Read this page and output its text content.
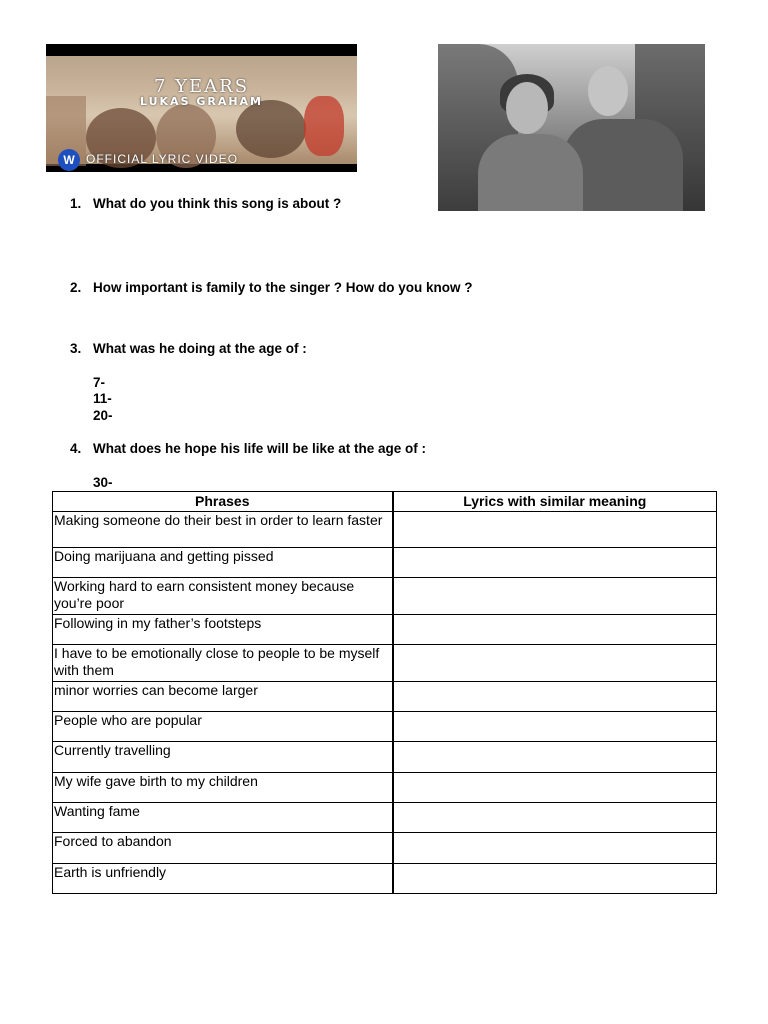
7 YEARS
LUKAS GRAHAM
W OFFICIAL LYRIC VIDEO
1. What do you think this song is about ?
2. How important is family to the singer ? How do you know ?
3. What was he doing at the age of :
7-
11-
20-
4. What does he hope his life will be like at the age of :
30-
Phrases	Lyrics with similar meaning
Making someone do their best in order to learn faster	
Doing marijuana and getting pissed	
Working hard to earn consistent money because you’re poor	
Following in my father’s footsteps	
I have to be emotionally close to people to be myself with them	
minor worries can become larger	
People who are popular	
Currently travelling	
My wife gave birth to my children	
Wanting fame	
Forced to abandon	
Earth is unfriendly	
